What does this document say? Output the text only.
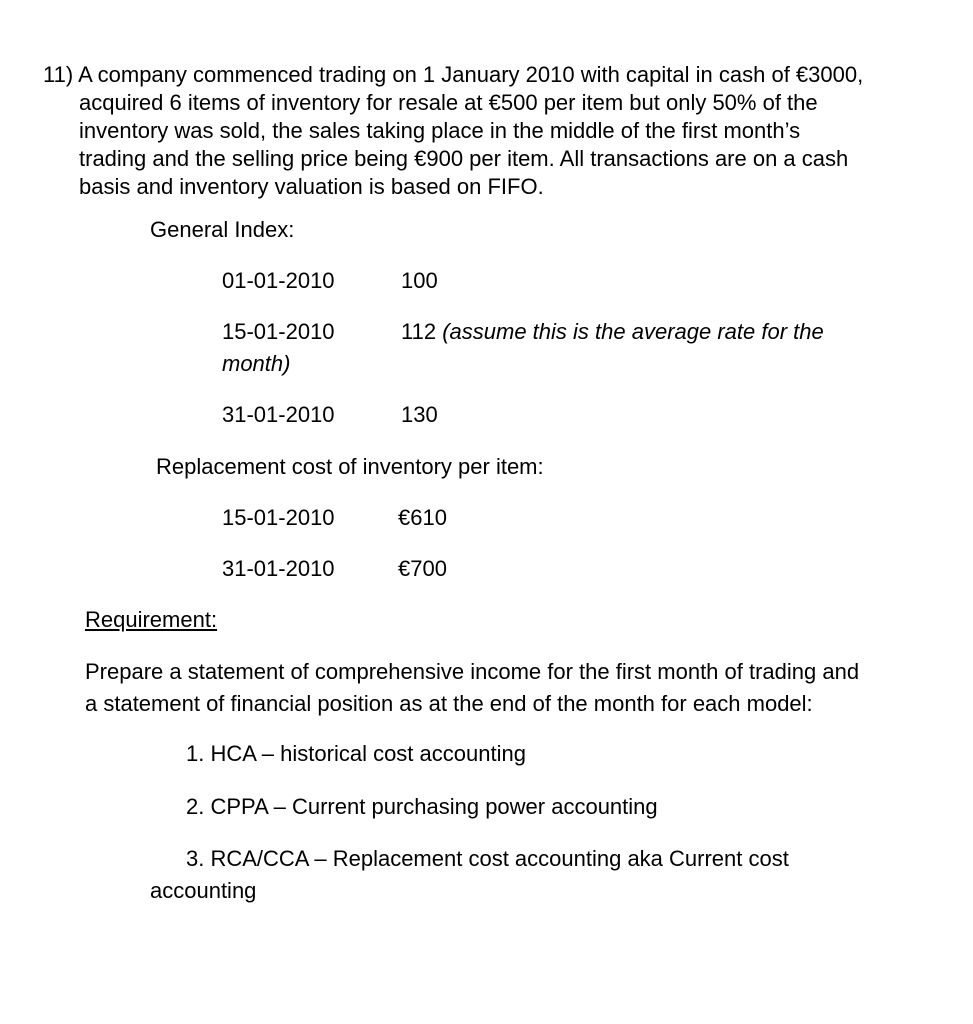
11) A company commenced trading on 1 January 2010 with capital in cash of €3000,
acquired 6 items of inventory for resale at €500 per item but only 50% of the
inventory was sold, the sales taking place in the middle of the first month’s
trading and the selling price being €900 per item. All transactions are on a cash
basis and inventory valuation is based on FIFO.
General Index:
01-01-2010	100
15-01-2010	112 (assume this is the average rate for the
month)
31-01-2010	130
Replacement cost of inventory per item:
15-01-2010	€610
31-01-2010	€700
Requirement:
Prepare a statement of comprehensive income for the first month of trading and
a statement of financial position as at the end of the month for each model:
1. HCA – historical cost accounting
2. CPPA – Current purchasing power accounting
3. RCA/CCA – Replacement cost accounting aka Current cost
accounting
